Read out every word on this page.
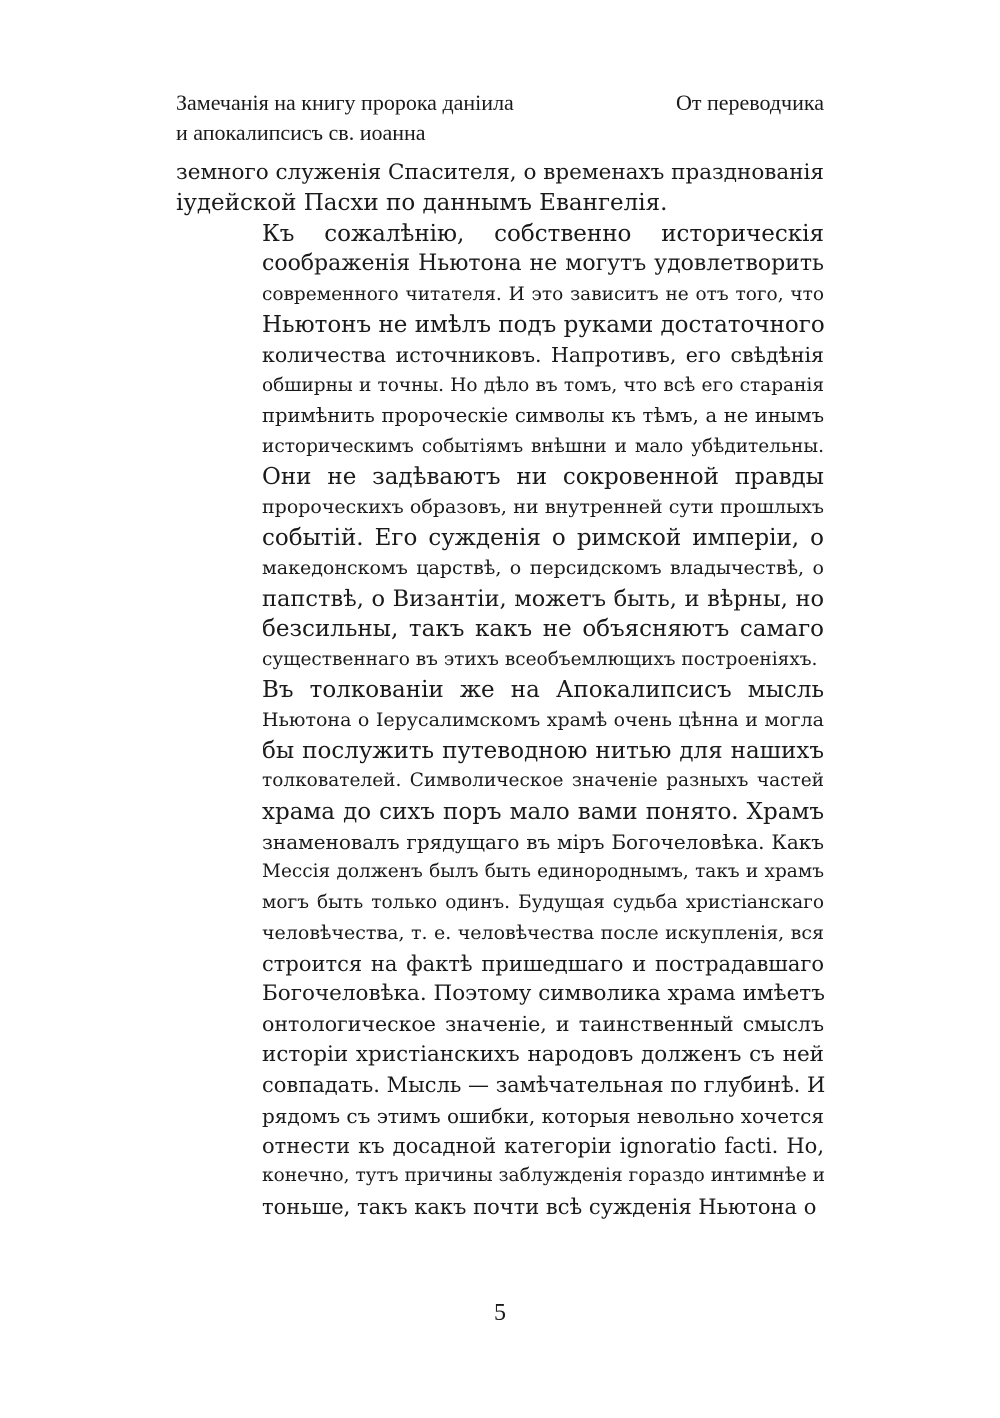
Замечанія на книгу пророка даніила
и апокалипсисъ св. иоанна
От переводчика
земного служенія Спасителя, о временахъ празднованія
іудейской Пасхи по даннымъ Евангелія.
Къ сожалѣнію, собственно историческія
соображенія Ньютона не могутъ удовлетворить
современного читателя. И это зависитъ не отъ того, что
Ньютонъ не имѣлъ подъ руками достаточного
количества источниковъ. Напротивъ, его свѣдѣнія
обширны и точны. Но дѣло въ томъ, что всѣ его старанія
примѣнить пророческіе символы къ тѣмъ, а не инымъ
историческимъ событіямъ внѣшни и мало убѣдительны.
Они не задѣваютъ ни сокровенной правды
пророческихъ образовъ, ни внутренней сути прошлыхъ
событій. Его сужденія о римской имперіи, о
македонскомъ царствѣ, о персидскомъ владычествѣ, о
папствѣ, о Византіи, можетъ быть, и вѣрны, но
безсильны, такъ какъ не объясняютъ самаго
существеннаго въ этихъ всеобъемлющихъ построеніяхъ.
Въ толкованіи же на Апокалипсисъ мысль
Ньютона о Іерусалимскомъ храмѣ очень цѣнна и могла
бы послужить путеводною нитью для нашихъ
толкователей. Символическое значеніе разныхъ частей
храма до сихъ поръ мало вами понято. Храмъ
знаменовалъ грядущаго въ міръ Богочеловѣка. Какъ
Мессія долженъ былъ быть единороднымъ, такъ и храмъ
могъ быть только одинъ. Будущая судьба христіанскаго
человѣчества, т. е. человѣчества после искупленія, вся
строится на фактѣ пришедшаго и пострадавшаго
Богочеловѣка. Поэтому символика храма имѣетъ
онтологическое значеніе, и таинственный смыслъ
исторіи христіанскихъ народовъ долженъ съ ней
совпадать. Мысль — замѣчательная по глубинѣ. И
рядомъ съ этимъ ошибки, которыя невольно хочется
отнести къ досадной категоріи ignoratio facti. Но,
конечно, тутъ причины заблужденія гораздо интимнѣе и
тоньше, такъ какъ почти всѣ сужденія Ньютона о
5
